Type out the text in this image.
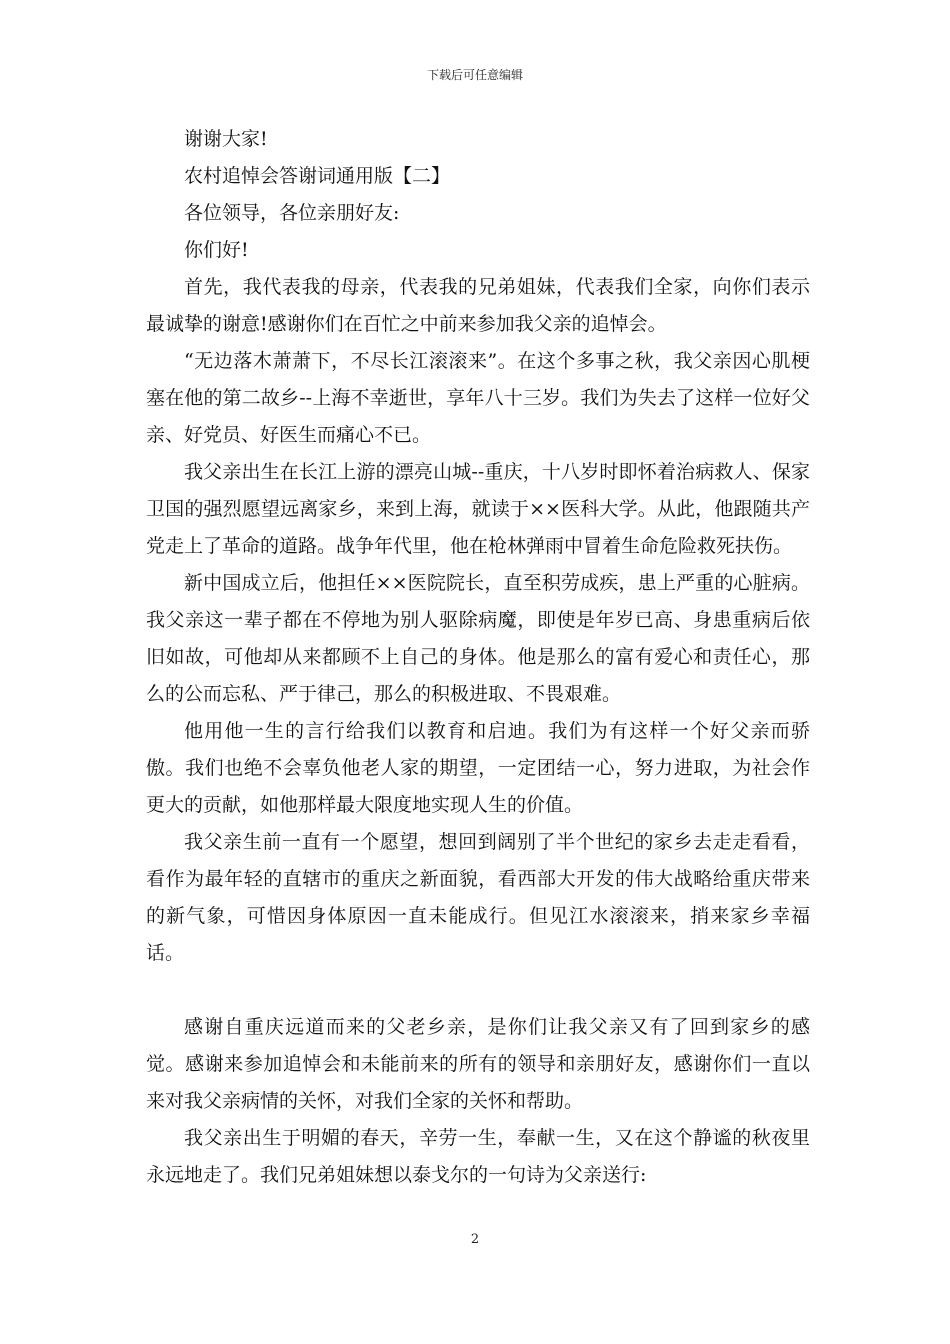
下载后可任意编辑

谢谢大家!

农村追悼会答谢词通用版【二】

各位领导，各位亲朋好友:

你们好!

首先，我代表我的母亲，代表我的兄弟姐妹，代表我们全家，向你们表示最诚挚的谢意!感谢你们在百忙之中前来参加我父亲的追悼会。

“无边落木萧萧下，不尽长江滚滚来”。在这个多事之秋，我父亲因心肌梗塞在他的第二故乡--上海不幸逝世，享年八十三岁。我们为失去了这样一位好父亲、好党员、好医生而痛心不已。

我父亲出生在长江上游的漂亮山城--重庆，十八岁时即怀着治病救人、保家卫国的强烈愿望远离家乡，来到上海，就读于××医科大学。从此，他跟随共产党走上了革命的道路。战争年代里，他在枪林弹雨中冒着生命危险救死扶伤。

新中国成立后，他担任××医院院长，直至积劳成疾，患上严重的心脏病。我父亲这一辈子都在不停地为别人驱除病魔，即使是年岁已高、身患重病后依旧如故，可他却从来都顾不上自己的身体。他是那么的富有爱心和责任心，那么的公而忘私、严于律己，那么的积极进取、不畏艰难。

他用他一生的言行给我们以教育和启迪。我们为有这样一个好父亲而骄傲。我们也绝不会辜负他老人家的期望，一定团结一心，努力进取，为社会作更大的贡献，如他那样最大限度地实现人生的价值。

我父亲生前一直有一个愿望，想回到阔别了半个世纪的家乡去走走看看，看作为最年轻的直辖市的重庆之新面貌，看西部大开发的伟大战略给重庆带来的新气象，可惜因身体原因一直未能成行。但见江水滚滚来，捎来家乡幸福话。

感谢自重庆远道而来的父老乡亲，是你们让我父亲又有了回到家乡的感觉。感谢来参加追悼会和未能前来的所有的领导和亲朋好友，感谢你们一直以来对我父亲病情的关怀，对我们全家的关怀和帮助。

我父亲出生于明媚的春天，辛劳一生，奉献一生，又在这个静谧的秋夜里永远地走了。我们兄弟姐妹想以泰戈尔的一句诗为父亲送行:

2
